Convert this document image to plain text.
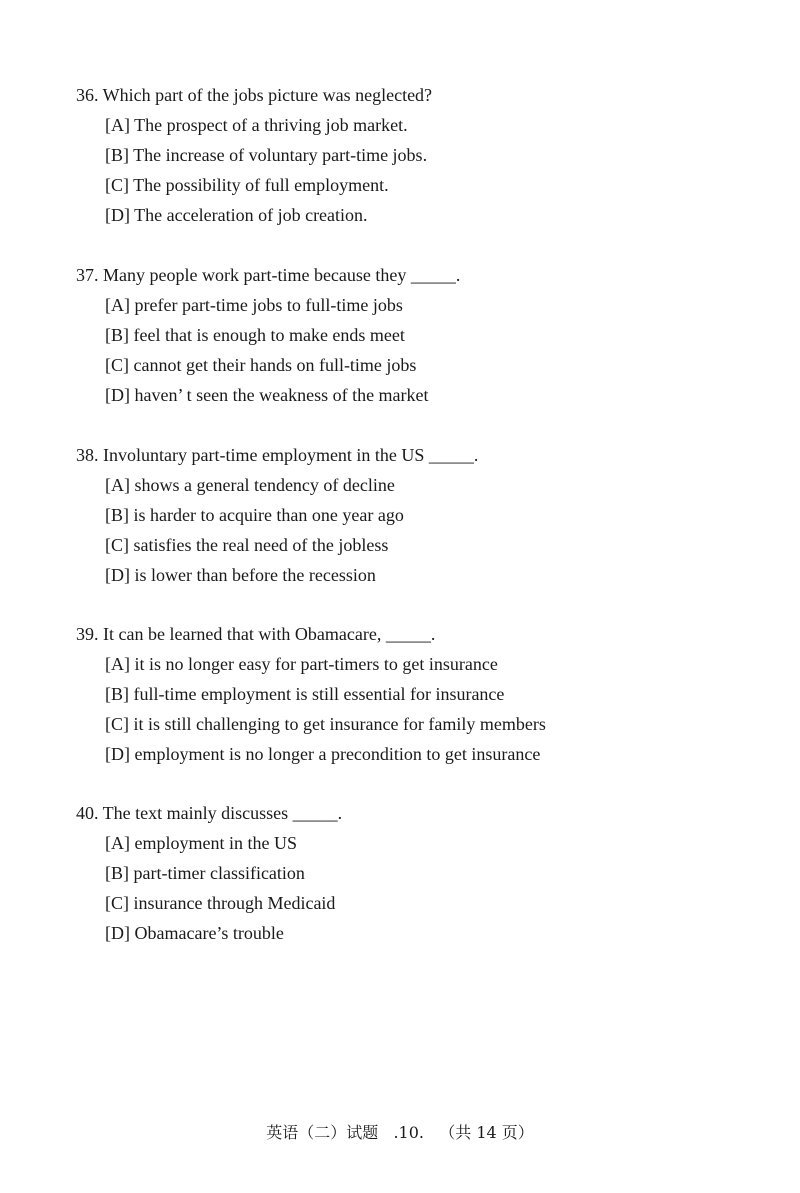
36. Which part of the jobs picture was neglected?
[A] The prospect of a thriving job market.
[B] The increase of voluntary part-time jobs.
[C] The possibility of full employment.
[D] The acceleration of job creation.
37. Many people work part-time because they _____.
[A] prefer part-time jobs to full-time jobs
[B] feel that is enough to make ends meet
[C] cannot get their hands on full-time jobs
[D] haven’ t seen the weakness of the market
38. Involuntary part-time employment in the US _____.
[A] shows a general tendency of decline
[B] is harder to acquire than one year ago
[C] satisfies the real need of the jobless
[D] is lower than before the recession
39. It can be learned that with Obamacare, _____.
[A] it is no longer easy for part-timers to get insurance
[B] full-time employment is still essential for insurance
[C] it is still challenging to get insurance for family members
[D] employment is no longer a precondition to get insurance
40. The text mainly discusses _____.
[A] employment in the US
[B] part-timer classification
[C] insurance through Medicaid
[D] Obamacare’s trouble
英语（二）试题   .10.   （共 14 页）
